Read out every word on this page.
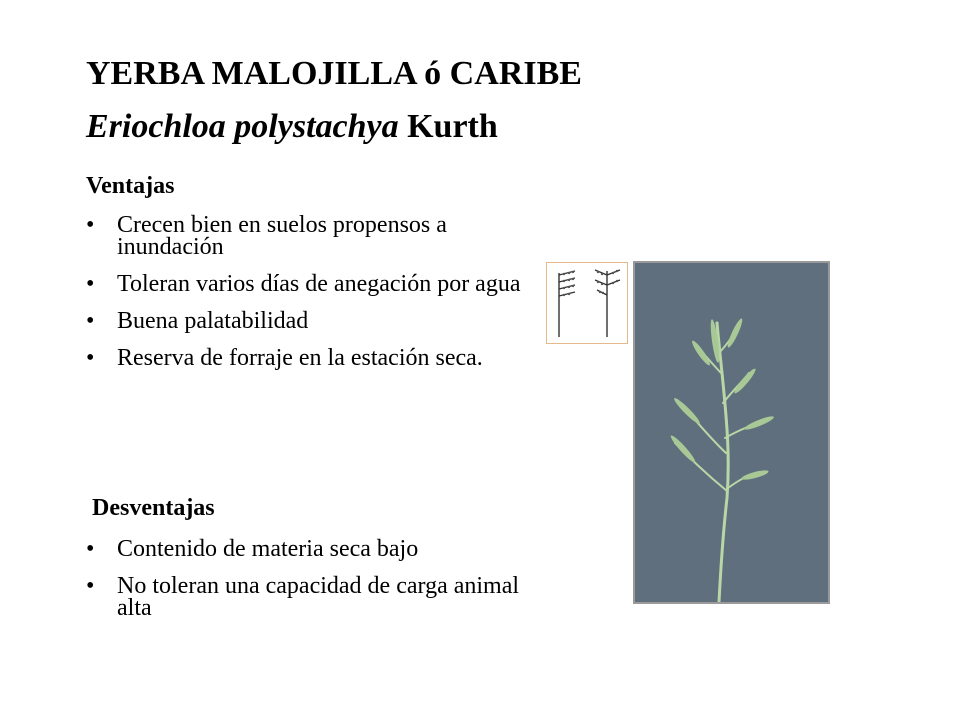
YERBA MALOJILLA ó CARIBE
Eriochloa polystachya Kurth
Ventajas
• Crecen bien en suelos propensos a inundación
• Toleran varios días de anegación por agua
• Buena palatabilidad
• Reserva de forraje en la estación seca.
Desventajas
• Contenido de materia seca bajo
• No toleran una capacidad de carga animal alta
